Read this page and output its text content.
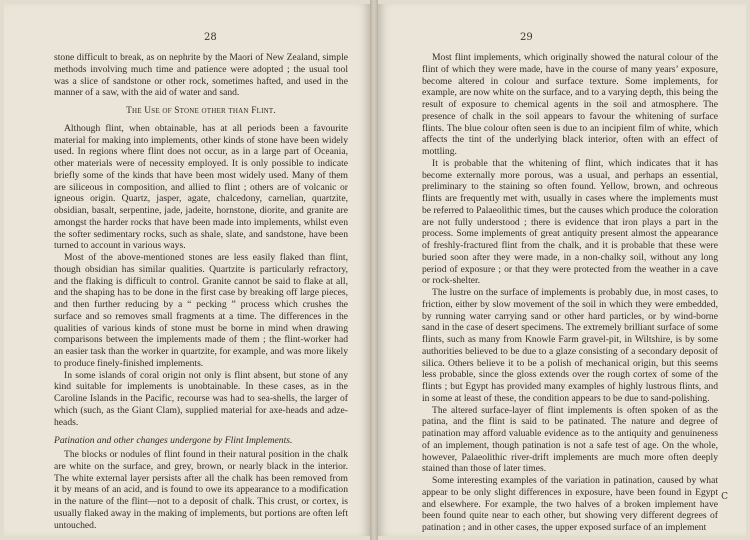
28

stone difficult to break, as on nephrite by the Maori of New Zealand, simple methods involving much time and patience were adopted ; the usual tool was a slice of sandstone or other rock, sometimes hafted, and used in the manner of a saw, with the aid of water and sand.

The Use of Stone other than Flint.

Although flint, when obtainable, has at all periods been a favourite material for making into implements, other kinds of stone have been widely used. In regions where flint does not occur, as in a large part of Oceania, other materials were of necessity employed. It is only possible to indicate briefly some of the kinds that have been most widely used. Many of them are siliceous in composition, and allied to flint ; others are of volcanic or igneous origin. Quartz, jasper, agate, chalcedony, carnelian, quartzite, obsidian, basalt, serpentine, jade, jadeite, hornstone, diorite, and granite are amongst the harder rocks that have been made into implements, whilst even the softer sedimentary rocks, such as shale, slate, and sandstone, have been turned to account in various ways.

Most of the above-mentioned stones are less easily flaked than flint, though obsidian has similar qualities. Quartzite is particularly refractory, and the flaking is difficult to control. Granite cannot be said to flake at all, and the shaping has to be done in the first case by breaking off large pieces, and then further reducing by a “ pecking ” process which crushes the surface and so removes small fragments at a time. The differences in the qualities of various kinds of stone must be borne in mind when drawing comparisons between the implements made of them ; the flint-worker had an easier task than the worker in quartzite, for example, and was more likely to produce finely-finished implements.

In some islands of coral origin not only is flint absent, but stone of any kind suitable for implements is unobtainable. In these cases, as in the Caroline Islands in the Pacific, recourse was had to sea-shells, the larger of which (such, as the Giant Clam), supplied material for axe-heads and adze-heads.

Patination and other changes undergone by Flint Implements.

The blocks or nodules of flint found in their natural position in the chalk are white on the surface, and grey, brown, or nearly black in the interior. The white external layer persists after all the chalk has been removed from it by means of an acid, and is found to owe its appearance to a modification in the nature of the flint—not to a deposit of chalk. This crust, or cortex, is usually flaked away in the making of implements, but portions are often left untouched.

29

Most flint implements, which originally showed the natural colour of the flint of which they were made, have in the course of many years’ exposure, become altered in colour and surface texture. Some implements, for example, are now white on the surface, and to a varying depth, this being the result of exposure to chemical agents in the soil and atmosphere. The presence of chalk in the soil appears to favour the whitening of surface flints. The blue colour often seen is due to an incipient film of white, which affects the tint of the underlying black interior, often with an effect of mottling.

It is probable that the whitening of flint, which indicates that it has become externally more porous, was a usual, and perhaps an essential, preliminary to the staining so often found. Yellow, brown, and ochreous flints are frequently met with, usually in cases where the implements must be referred to Palaeolithic times, but the causes which produce the coloration are not fully understood ; there is evidence that iron plays a part in the process. Some implements of great antiquity present almost the appearance of freshly-fractured flint from the chalk, and it is probable that these were buried soon after they were made, in a non-chalky soil, without any long period of exposure ; or that they were protected from the weather in a cave or rock-shelter.

The lustre on the surface of implements is probably due, in most cases, to friction, either by slow movement of the soil in which they were embedded, by running water carrying sand or other hard particles, or by wind-borne sand in the case of desert specimens. The extremely brilliant surface of some flints, such as many from Knowle Farm gravel-pit, in Wiltshire, is by some authorities believed to be due to a glaze consisting of a secondary deposit of silica. Others believe it to be a polish of mechanical origin, but this seems less probable, since the gloss extends over the rough cortex of some of the flints ; but Egypt has provided many examples of highly lustrous flints, and in some at least of these, the condition appears to be due to sand-polishing.

The altered surface-layer of flint implements is often spoken of as the patina, and the flint is said to be patinated. The nature and degree of patination may afford valuable evidence as to the antiquity and genuineness of an implement, though patination is not a safe test of age. On the whole, however, Palaeolithic river-drift implements are much more often deeply stained than those of later times.

Some interesting examples of the variation in patination, caused by what appear to be only slight differences in exposure, have been found in Egypt and elsewhere. For example, the two halves of a broken implement have been found quite near to each other, but showing very different degrees of patination ; and in other cases, the upper exposed surface of an implement

C
